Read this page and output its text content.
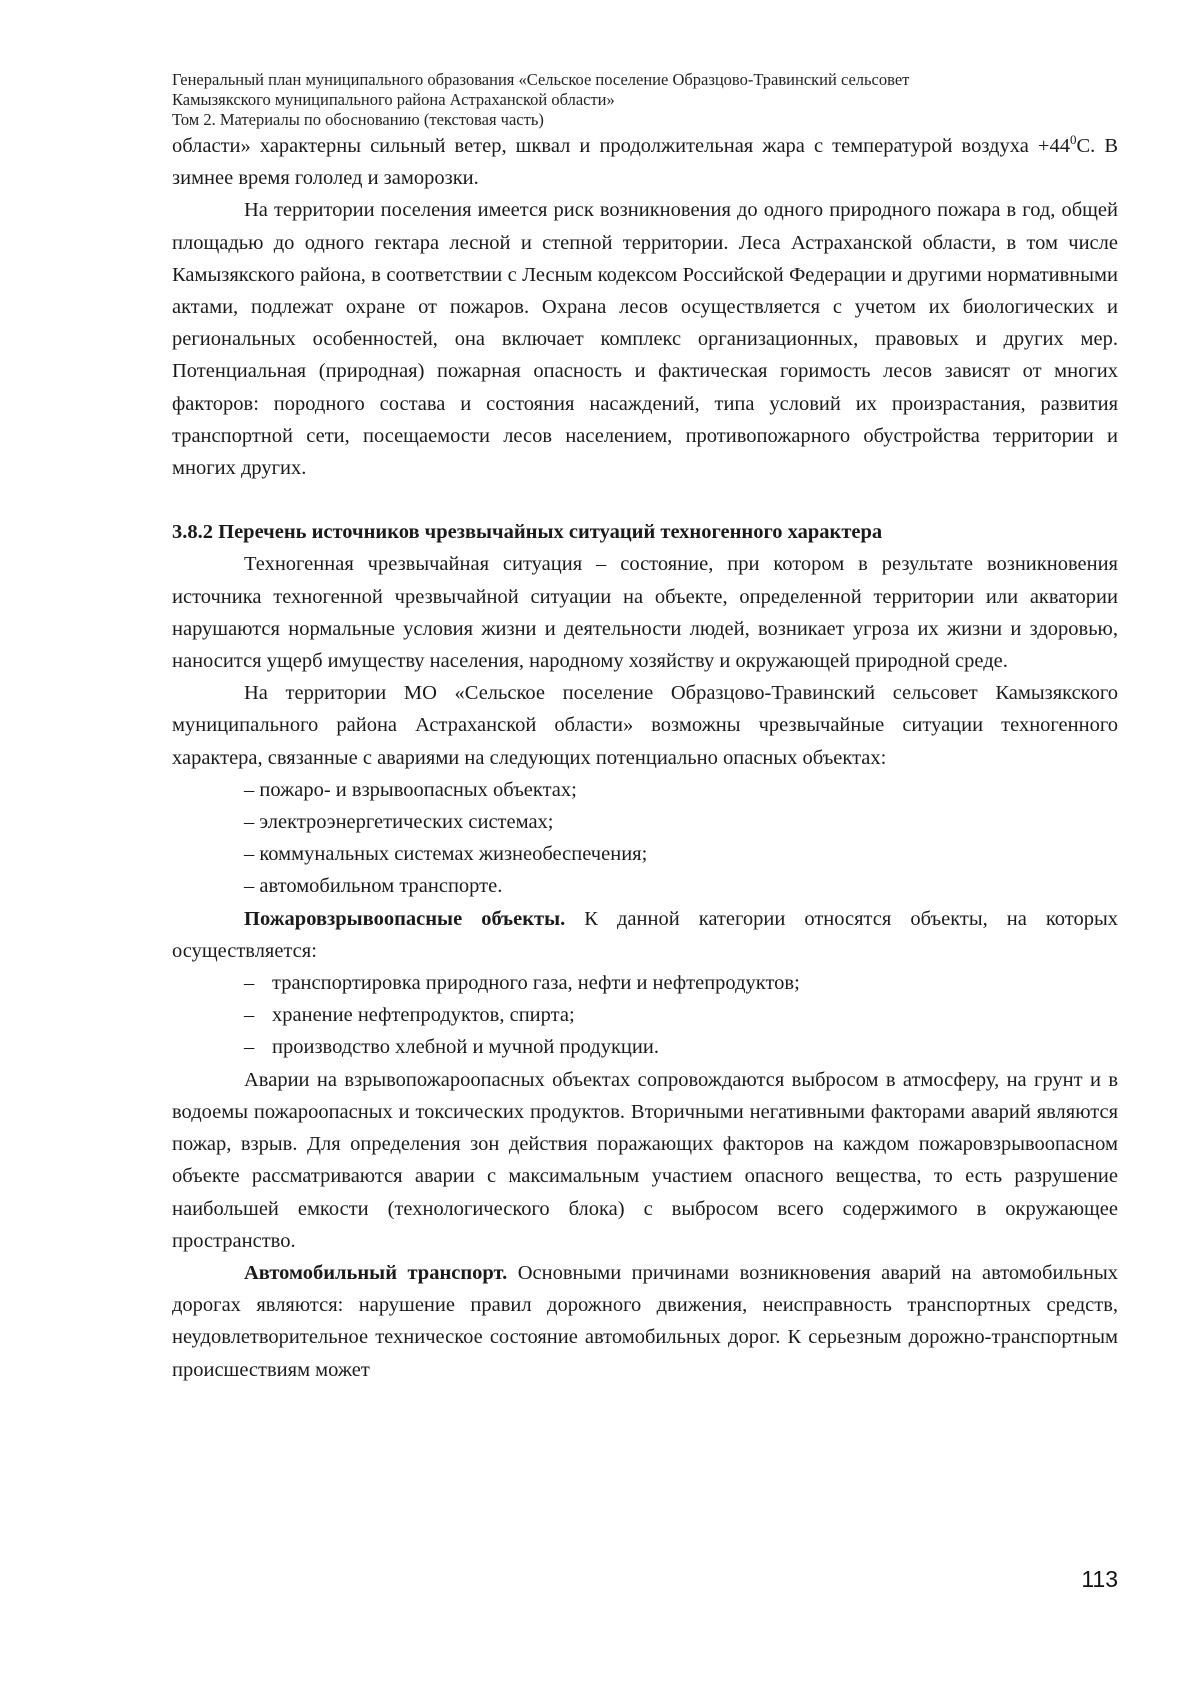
Генеральный план муниципального образования «Сельское поселение Образцово-Травинский сельсовет
Камызякского муниципального района Астраханской области»
Том 2. Материалы по обоснованию (текстовая часть)

области» характерны сильный ветер, шквал и продолжительная жара с температурой воздуха $+44^0С$. В зимнее время гололед и заморозки.

На территории поселения имеется риск возникновения до одного природного пожара в год, общей площадью до одного гектара лесной и степной территории. Леса Астраханской области, в том числе Камызякского района, в соответствии с Лесным кодексом Российской Федерации и другими нормативными актами, подлежат охране от пожаров. Охрана лесов осуществляется с учетом их биологических и региональных особенностей, она включает комплекс организационных, правовых и других мер. Потенциальная (природная) пожарная опасность и фактическая горимость лесов зависят от многих факторов: породного состава и состояния насаждений, типа условий их произрастания, развития транспортной сети, посещаемости лесов населением, противопожарного обустройства территории и многих других.

3.8.2 Перечень источников чрезвычайных ситуаций техногенного характера

Техногенная чрезвычайная ситуация – состояние, при котором в результате возникновения источника техногенной чрезвычайной ситуации на объекте, определенной территории или акватории нарушаются нормальные условия жизни и деятельности людей, возникает угроза их жизни и здоровью, наносится ущерб имуществу населения, народному хозяйству и окружающей природной среде.

На территории МО «Сельское поселение Образцово-Травинский сельсовет Камызякского муниципального района Астраханской области» возможны чрезвычайные ситуации техногенного характера, связанные с авариями на следующих потенциально опасных объектах:

– пожаро- и взрывоопасных объектах;

– электроэнергетических системах;

– коммунальных системах жизнеобеспечения;

– автомобильном транспорте.

Пожаровзрывоопасные объекты. К данной категории относятся объекты, на которых осуществляется:

– транспортировка природного газа, нефти и нефтепродуктов;

– хранение нефтепродуктов, спирта;

– производство хлебной и мучной продукции.

Аварии на взрывопожароопасных объектах сопровождаются выбросом в атмосферу, на грунт и в водоемы пожароопасных и токсических продуктов. Вторичными негативными факторами аварий являются пожар, взрыв. Для определения зон действия поражающих факторов на каждом пожаровзрывоопасном объекте рассматриваются аварии с максимальным участием опасного вещества, то есть разрушение наибольшей емкости (технологического блока) с выбросом всего содержимого в окружающее пространство.

Автомобильный транспорт. Основными причинами возникновения аварий на автомобильных дорогах являются: нарушение правил дорожного движения, неисправность транспортных средств, неудовлетворительное техническое состояние автомобильных дорог. К серьезным дорожно-транспортным происшествиям может

113
